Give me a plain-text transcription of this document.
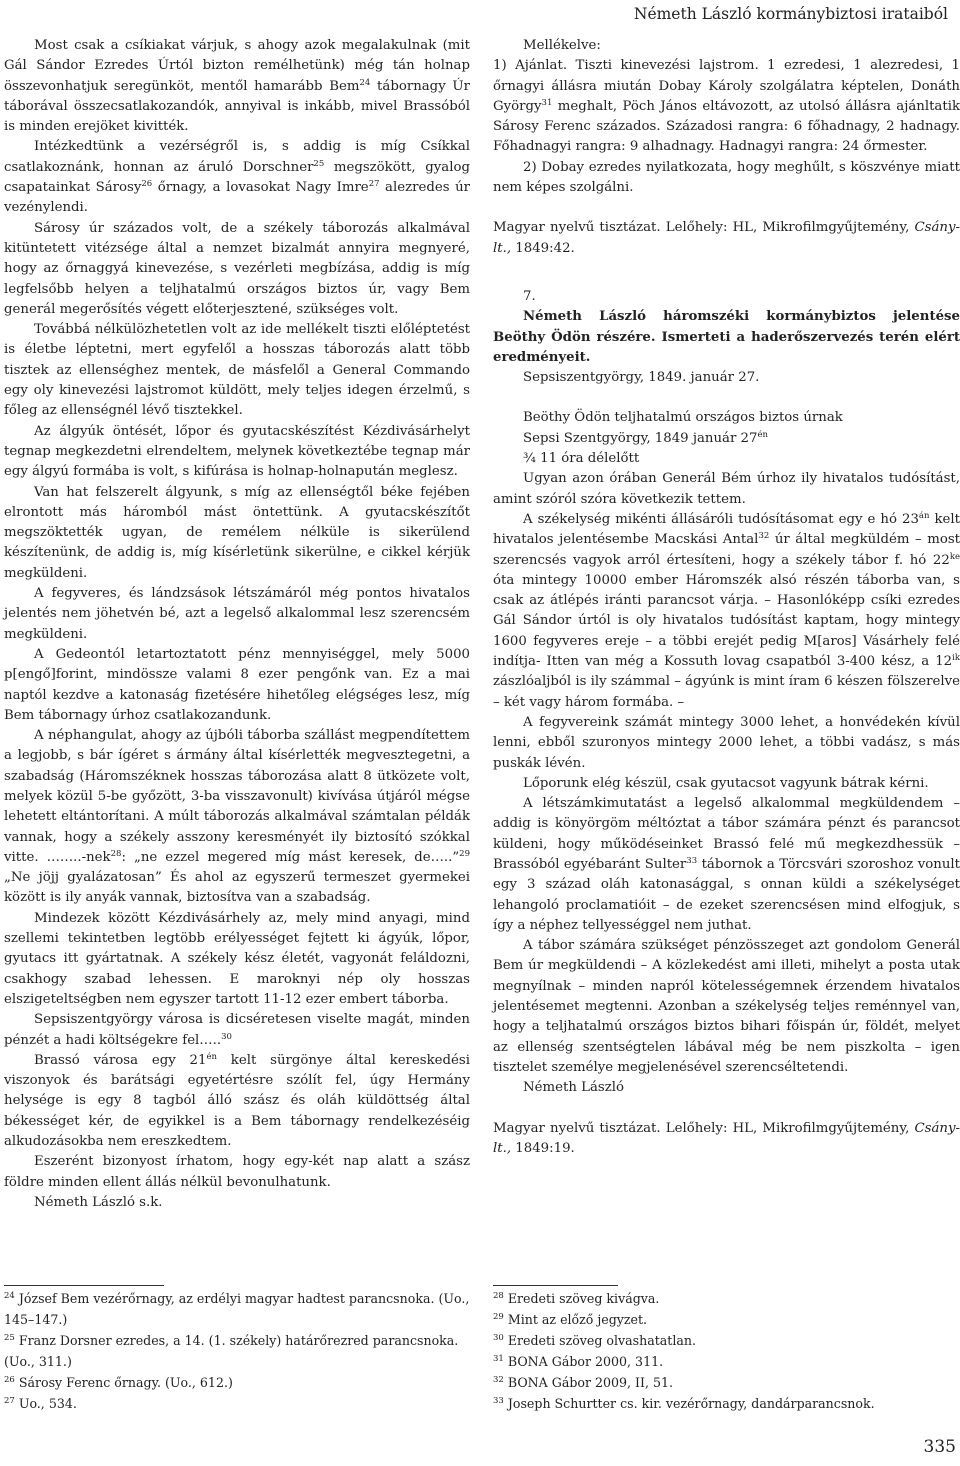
Németh László kormánybiztosi irataiból

Most csak a csíkiakat várjuk, s ahogy azok megalakulnak (mit Gál Sándor Ezredes Úrtól bizton remélhetünk) még tán holnap összevonhatjuk seregünköt, mentől hamarább Bem$^{24}$ tábornagy Úr táborával összecsatlakozandók, annyival is inkább, mivel Brassóból is minden erejöket kivitték.

Intézkedtünk a vezérségről is, s addig is míg Csíkkal csatlakoznánk, honnan az áruló Dorschner$^{25}$ megszökött, gyalog csapatainkat Sárosy$^{26}$ őrnagy, a lovasokat Nagy Imre$^{27}$ alezredes úr vezénylendi.

Sárosy úr százados volt, de a székely táborozás alkalmával kitüntetett vitézsége által a nemzet bizalmát annyira megnyeré, hogy az őrnaggyá kinevezése, s vezérleti megbízása, addig is míg legfelsőbb helyen a teljhatalmú országos biztos úr, vagy Bem generál megerősítés végett előterjesztené, szükséges volt.

Továbbá nélkülözhetetlen volt az ide mellékelt tiszti előléptetést is életbe léptetni, mert egyfelől a hosszas táborozás alatt több tisztek az ellenséghez mentek, de másfelől a General Commando egy oly kinevezési lajstromot küldött, mely teljes idegen érzelmű, s főleg az ellenségnél lévő tisztekkel.

Az álgyúk öntését, lőpor és gyutacskészítést Kézdivásárhelyt tegnap megkezdetni elrendeltem, melynek következtébe tegnap már egy álgyú formába is volt, s kifúrása is holnap-holnapután meglesz.

Van hat felszerelt álgyunk, s míg az ellenségtől béke fejében elrontott más háromból mást öntettünk. A gyutacskészítőt megszöktették ugyan, de remélem nélküle is sikerülend készítenünk, de addig is, míg kísérletünk sikerülne, e cikkel kérjük megküldeni.

A fegyveres, és lándzsások létszámáról még pontos hivatalos jelentés nem jöhetvén bé, azt a legelső alkalommal lesz szerencsém megküldeni.

A Gedeontól letartoztatott pénz mennyiséggel, mely 5000 p[engő]forint, mindössze valami 8 ezer pengőnk van. Ez a mai naptól kezdve a katonaság fizetésére hihetőleg elégséges lesz, míg Bem tábornagy úrhoz csatlakozandunk.

A néphangulat, ahogy az újbóli táborba szállást megpendítettem a legjobb, s bár ígéret s ármány által kísérlették megvesztegetni, a szabadság (Háromszéknek hosszas táborozása alatt 8 ütközete volt, melyek közül 5-be győzött, 3-ba visszavonult) kivívása útjáról mégse lehetett eltántorítani. A múlt táborozás alkalmával számtalan példák vannak, hogy a székely asszony keresményét ily biztosító szókkal vitte. ……..-nek$^{28}$: „ne ezzel megered míg mást keresek, de…..”$^{29}$ „Ne jöjj gyalázatosan” És ahol az egyszerű termeszet gyermekei között is ily anyák vannak, biztosítva van a szabadság.

Mindezek között Kézdivásárhely az, mely mind anyagi, mind szellemi tekintetben legtöbb erélyességet fejtett ki ágyúk, lőpor, gyutacs itt gyártatnak. A székely kész életét, vagyonát feláldozni, csakhogy szabad lehessen. E maroknyi nép oly hosszas elszigeteltségben nem egyszer tartott 11-12 ezer embert táborba.

Sepsiszentgyörgy városa is dicséretesen viselte magát, minden pénzét a hadi költségekre fel…..$^{30}$

Brassó városa egy $21^{én}$ kelt sürgönye által kereskedési viszonyok és barátsági egyetértésre szólít fel, úgy Hermány helysége is egy 8 tagból álló szász és oláh küldöttség által békességet kér, de egyikkel is a Bem tábornagy rendelkezéséig alkudozásokba nem ereszkedtem.

Eszerént bizonyost írhatom, hogy egy-két nap alatt a szász földre minden ellent állás nélkül bevonulhatunk.

Németh László s.k.

Mellékelve:

1) Ajánlat. Tiszti kinevezési lajstrom. 1 ezredesi, 1 alezredesi, 1 őrnagyi állásra miután Dobay Károly szolgálatra képtelen, Donáth György$^{31}$ meghalt, Pöch János eltávozott, az utolsó állásra ajánltatik Sárosy Ferenc százados. Századosi rangra: 6 főhadnagy, 2 hadnagy. Főhadnagyi rangra: 9 alhadnagy. Hadnagyi rangra: 24 őrmester.

2) Dobay ezredes nyilatkozata, hogy meghűlt, s köszvénye miatt nem képes szolgálni.

Magyar nyelvű tisztázat. Lelőhely: HL, Mikrofilmgyűjtemény, Csány-lt., 1849:42.

7.

Németh László háromszéki kormánybiztos jelentése Beöthy Ödön részére. Ismerteti a haderőszervezés terén elért eredményeit.

Sepsiszentgyörgy, 1849. január 27.

Beöthy Ödön teljhatalmú országos biztos úrnak

Sepsi Szentgyörgy, 1849 január $27^{én}$

¾ 11 óra délelőtt

Ugyan azon órában Generál Bém úrhoz ily hivatalos tudósítást, amint szóról szóra következik tettem.

A székelység mikénti állásáróli tudósításomat egy e hó $23^{án}$ kelt hivatalos jelentésembe Macskási Antal$^{32}$ úr által megküldém – most szerencsés vagyok arról értesíteni, hogy a székely tábor f. hó $22^{ke}$ óta mintegy 10000 ember Háromszék alsó részén táborba van, s csak az átlépés iránti parancsot várja. – Hasonlóképp csíki ezredes Gál Sándor úrtól is oly hivatalos tudósítást kaptam, hogy mintegy 1600 fegyveres ereje – a többi erejét pedig M[aros] Vásárhely felé indítja- Itten van még a Kossuth lovag csapatból 3-400 kész, a $12^{ik}$ zászlóaljból is ily számmal – ágyúnk is mint íram 6 készen fölszerelve – két vagy három formába. –

A fegyvereink számát mintegy 3000 lehet, a honvédekén kívül lenni, ebből szuronyos mintegy 2000 lehet, a többi vadász, s más puskák lévén.

Lőporunk elég készül, csak gyutacsot vagyunk bátrak kérni.

A létszámkimutatást a legelső alkalommal megküldendem – addig is könyörgöm méltóztat a tábor számára pénzt és parancsot küldeni, hogy működéseinket Brassó felé mű megkezdhessük – Brassóból egyébaránt Sulter$^{33}$ tábornok a Törcsvári szoroshoz vonult egy 3 század oláh katonasággal, s onnan küldi a székelységet lehangoló proclamatióit – de ezeket szerencsésen mind elfogjuk, s így a néphez tellyességgel nem juthat.

A tábor számára szükséget pénzösszeget azt gondolom Generál Bem úr megküldendi – A közlekedést ami illeti, mihelyt a posta utak megnyílnak – minden napról kötelességemnek érzendem hivatalos jelentésemet megtenni. Azonban a székelység teljes reménnyel van, hogy a teljhatalmú országos biztos bihari főispán úr, földét, melyet az ellenség szentségtelen lábával még be nem piszkolta – igen tisztelet személye megjelenésével szerencséltetendi.

Németh László

Magyar nyelvű tisztázat. Lelőhely: HL, Mikrofilmgyűjtemény, Csány-lt., 1849:19.

$^{24}$ József Bem vezérőrnagy, az erdélyi magyar hadtest parancsnoka. (Uo., 145–147.)
$^{25}$ Franz Dorsner ezredes, a 14. (1. székely) határőrezred parancsnoka. (Uo., 311.)
$^{26}$ Sárosy Ferenc őrnagy. (Uo., 612.)
$^{27}$ Uo., 534.
$^{28}$ Eredeti szöveg kivágva.
$^{29}$ Mint az előző jegyzet.
$^{30}$ Eredeti szöveg olvashatatlan.
$^{31}$ BONA Gábor 2000, 311.
$^{32}$ BONA Gábor 2009, II, 51.
$^{33}$ Joseph Schurtter cs. kir. vezérőrnagy, dandárparancsnok.
335
